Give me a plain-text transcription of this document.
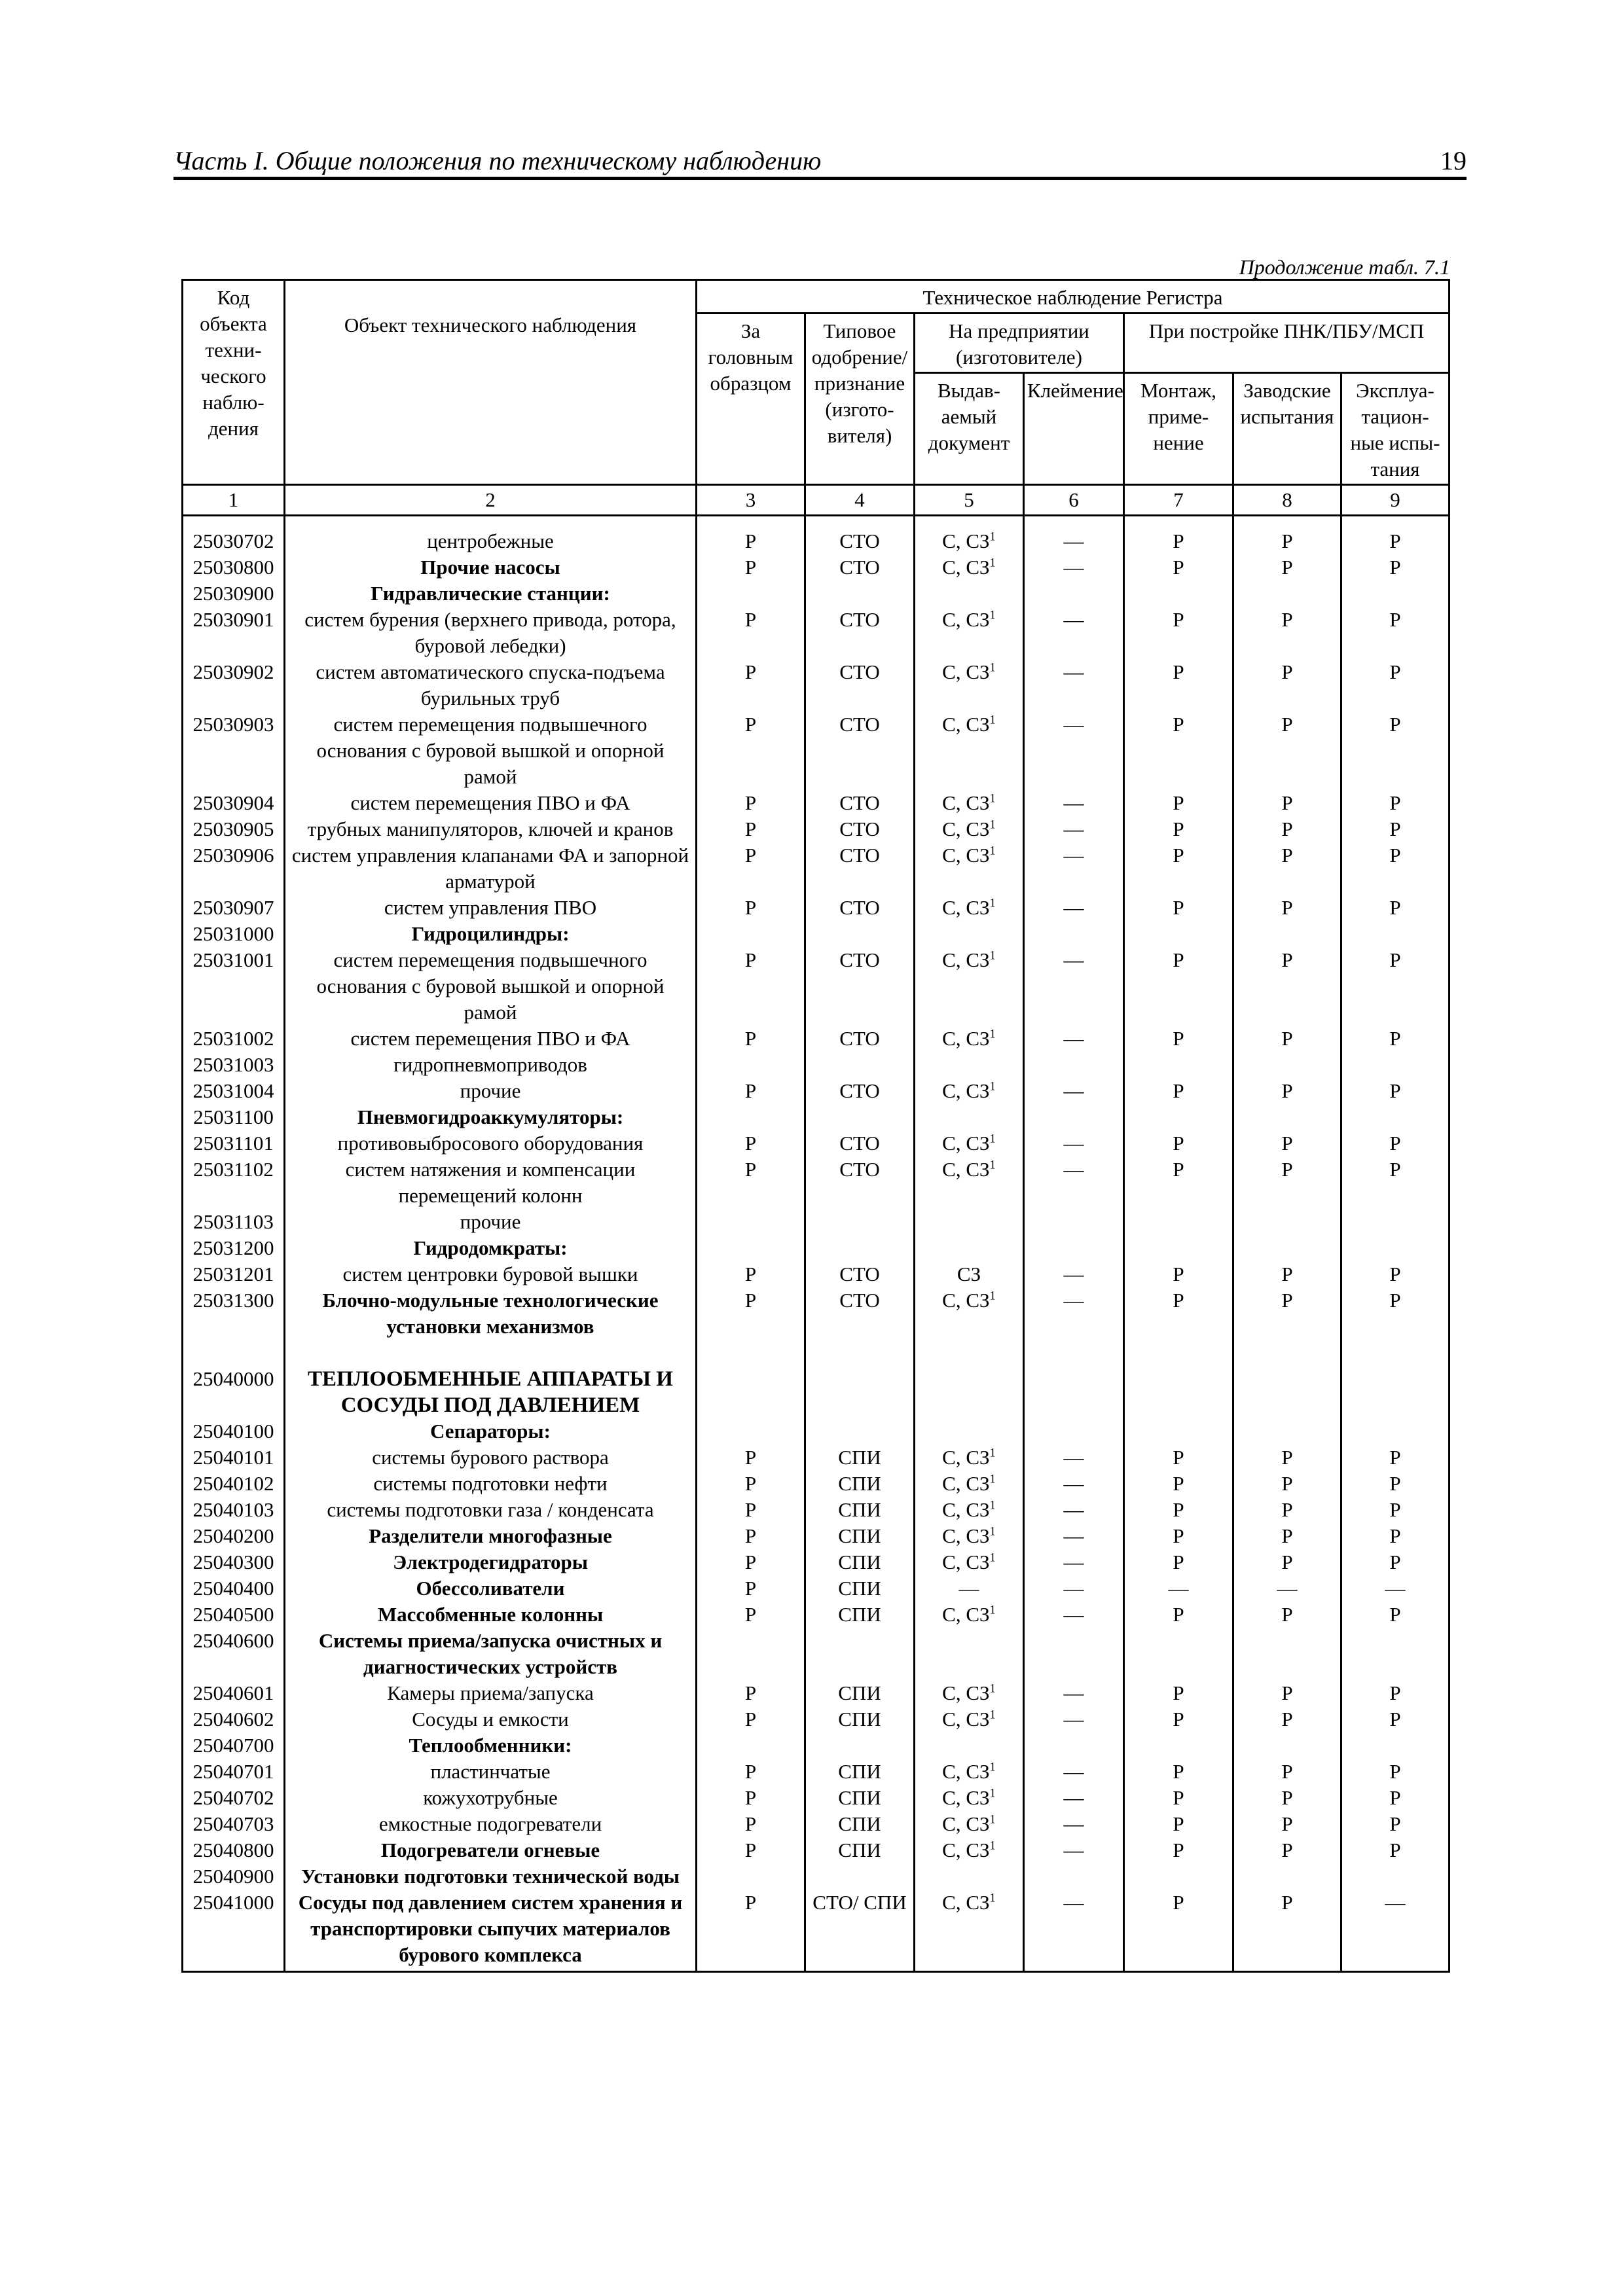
Часть I. Общие положения по техническому наблюдению	19
Продолжение табл. 7.1
Код объекта техни-ческого наблю-дения	Объект технического наблюдения	Техническое наблюдение Регистра						
		За головным образцом	Типовое одобрение/ признание (изгото-вителя)	На предприятии (изготовителе)		При постройке ПНК/ПБУ/МСП		
				Выдав-аемый документ	Клеймение	Монтаж, приме-нение	Заводские испытания	Эксплуа-тацион-ные испы-тания
1	2	3	4	5	6	7	8	9
25030702	центробежные	Р	СТО	С, $СЗ^1$	—	Р	Р	Р
25030800	Прочие насосы	Р	СТО	С, $СЗ^1$	—	Р	Р	Р
25030900	Гидравлические станции:							
25030901	систем бурения (верхнего привода, ротора, буровой лебедки)	Р	СТО	С, $СЗ^1$	—	Р	Р	Р
25030902	систем автоматического спуска-подъема бурильных труб	Р	СТО	С, $СЗ^1$	—	Р	Р	Р
25030903	систем перемещения подвышечного основания с буровой вышкой и опорной рамой	Р	СТО	С, $СЗ^1$	—	Р	Р	Р
25030904	систем перемещения ПВО и ФА	Р	СТО	С, $СЗ^1$	—	Р	Р	Р
25030905	трубных манипуляторов, ключей и кранов	Р	СТО	С, $СЗ^1$	—	Р	Р	Р
25030906	систем управления клапанами ФА и запорной арматурой	Р	СТО	С, $СЗ^1$	—	Р	Р	Р
25030907	систем управления ПВО	Р	СТО	С, $СЗ^1$	—	Р	Р	Р
25031000	Гидроцилиндры:							
25031001	систем перемещения подвышечного основания с буровой вышкой и опорной рамой	Р	СТО	С, $СЗ^1$	—	Р	Р	Р
25031002	систем перемещения ПВО и ФА	Р	СТО	С, $СЗ^1$	—	Р	Р	Р
25031003	гидропневмоприводов							
25031004	прочие	Р	СТО	С, $СЗ^1$	—	Р	Р	Р
25031100	Пневмогидроаккумуляторы:							
25031101	противовыбросового оборудования	Р	СТО	С, $СЗ^1$	—	Р	Р	Р
25031102	систем натяжения и компенсации перемещений колонн	Р	СТО	С, $СЗ^1$	—	Р	Р	Р
25031103	прочие							
25031200	Гидродомкраты:							
25031201	систем центровки буровой вышки	Р	СТО	СЗ	—	Р	Р	Р
25031300	Блочно-модульные технологические установки механизмов	Р	СТО	С, $СЗ^1$	—	Р	Р	Р

25040000	ТЕПЛООБМЕННЫЕ АППАРАТЫ И СОСУДЫ ПОД ДАВЛЕНИЕМ							
25040100	Сепараторы:							
25040101	системы бурового раствора	Р	СПИ	С, $СЗ^1$	—	Р	Р	Р
25040102	системы подготовки нефти	Р	СПИ	С, $СЗ^1$	—	Р	Р	Р
25040103	системы подготовки газа / конденсата	Р	СПИ	С, $СЗ^1$	—	Р	Р	Р
25040200	Разделители многофазные	Р	СПИ	С, $СЗ^1$	—	Р	Р	Р
25040300	Электродегидраторы	Р	СПИ	С, $СЗ^1$	—	Р	Р	Р
25040400	Обессоливатели	Р	СПИ	—	—	—	—	—
25040500	Массобменные колонны	Р	СПИ	С, $СЗ^1$	—	Р	Р	Р
25040600	Системы приема/запуска очистных и диагностических устройств							
25040601	Камеры приема/запуска	Р	СПИ	С, $СЗ^1$	—	Р	Р	Р
25040602	Сосуды и емкости	Р	СПИ	С, $СЗ^1$	—	Р	Р	Р
25040700	Теплообменники:							
25040701	пластинчатые	Р	СПИ	С, $СЗ^1$	—	Р	Р	Р
25040702	кожухотрубные	Р	СПИ	С, $СЗ^1$	—	Р	Р	Р
25040703	емкостные подогреватели	Р	СПИ	С, $СЗ^1$	—	Р	Р	Р
25040800	Подогреватели огневые	Р	СПИ	С, $СЗ^1$	—	Р	Р	Р
25040900	Установки подготовки технической воды							
25041000	Сосуды под давлением систем хранения и транспортировки сыпучих материалов бурового комплекса	Р	СТО/ СПИ	С, $СЗ^1$	—	Р	Р	—
